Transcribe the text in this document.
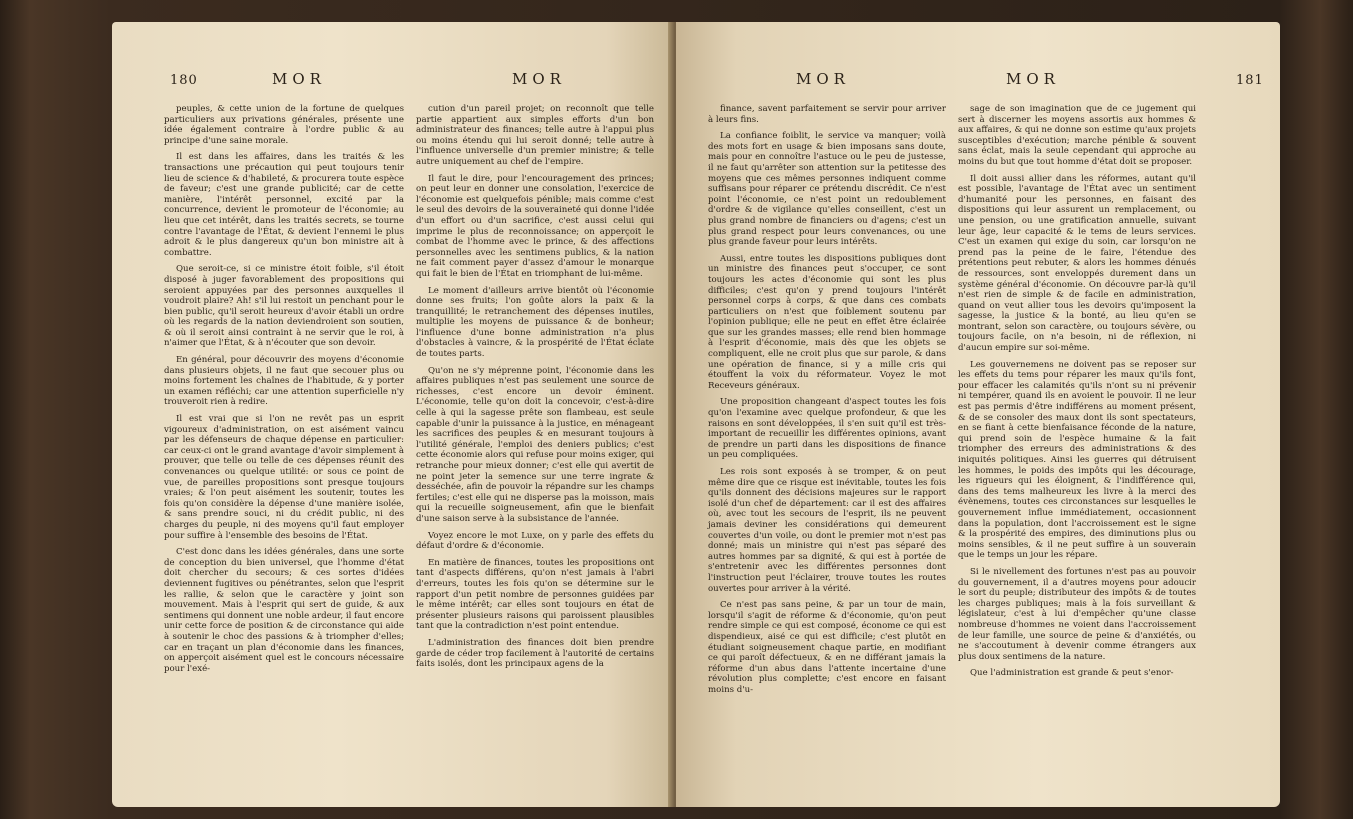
180	MOR	MOR

peuples, & cette union de la fortune de quelques particuliers aux privations générales, présente une idée également contraire à l'ordre public & au principe d'une saine morale.

Il est dans les affaires, dans les traités & les transactions une précaution qui peut toujours tenir lieu de science & d'habileté, & procurera toute espèce de faveur; c'est une grande publicité; car de cette manière, l'intérêt personnel, excité par la concurrence, devient le promoteur de l'économie; au lieu que cet intérêt, dans les traités secrets, se tourne contre l'avantage de l'État, & devient l'ennemi le plus adroit & le plus dangereux qu'un bon ministre ait à combattre.

Que seroit-ce, si ce ministre étoit foible, s'il étoit disposé à juger favorablement des propositions qui seroient appuyées par des personnes auxquelles il voudroit plaire? Ah! s'il lui restoit un penchant pour le bien public, qu'il seroit heureux d'avoir établi un ordre où les regards de la nation deviendroient son soutien, & où il seroit ainsi contraint à ne servir que le roi, à n'aimer que l'État, & à n'écouter que son devoir.

En général, pour découvrir des moyens d'économie dans plusieurs objets, il ne faut que secouer plus ou moins fortement les chaînes de l'habitude, & y porter un examen réfléchi; car une attention superficielle n'y trouveroit rien à redire.

Il est vrai que si l'on ne revêt pas un esprit vigoureux d'administration, on est aisément vaincu par les défenseurs de chaque dépense en particulier: car ceux-ci ont le grand avantage d'avoir simplement à prouver, que telle ou telle de ces dépenses réunit des convenances ou quelque utilité: or sous ce point de vue, de pareilles propositions sont presque toujours vraies; & l'on peut aisément les soutenir, toutes les fois qu'on considère la dépense d'une manière isolée, & sans prendre souci, ni du crédit public, ni des charges du peuple, ni des moyens qu'il faut employer pour suffire à l'ensemble des besoins de l'État.

C'est donc dans les idées générales, dans une sorte de conception du bien universel, que l'homme d'état doit chercher du secours; & ces sortes d'idées deviennent fugitives ou pénétrantes, selon que l'esprit les rallie, & selon que le caractère y joint son mouvement. Mais à l'esprit qui sert de guide, & aux sentimens qui donnent une noble ardeur, il faut encore unir cette force de position & de circonstance qui aide à soutenir le choc des passions & à triompher d'elles; car en traçant un plan d'économie dans les finances, on apperçoit aisément quel est le concours nécessaire pour l'exé-

cution d'un pareil projet; on reconnoît que telle partie appartient aux simples efforts d'un bon administrateur des finances; telle autre à l'appui plus ou moins étendu qui lui seroit donné; telle autre à l'influence universelle d'un premier ministre; & telle autre uniquement au chef de l'empire.

Il faut le dire, pour l'encouragement des princes; on peut leur en donner une consolation, l'exercice de l'économie est quelquefois pénible; mais comme c'est le seul des devoirs de la souveraineté qui donne l'idée d'un effort ou d'un sacrifice, c'est aussi celui qui imprime le plus de reconnoissance; on apperçoit le combat de l'homme avec le prince, & des affections personnelles avec les sentimens publics, & la nation ne fait comment payer d'assez d'amour le monarque qui fait le bien de l'État en triomphant de lui-même.

Le moment d'ailleurs arrive bientôt où l'économie donne ses fruits; l'on goûte alors la paix & la tranquillité; le retranchement des dépenses inutiles, multiplie les moyens de puissance & de bonheur; l'influence d'une bonne administration n'a plus d'obstacles à vaincre, & la prospérité de l'État éclate de toutes parts.

Qu'on ne s'y méprenne point, l'économie dans les affaires publiques n'est pas seulement une source de richesses, c'est encore un devoir éminent. L'économie, telle qu'on doit la concevoir, c'est-à-dire celle à qui la sagesse prête son flambeau, est seule capable d'unir la puissance à la justice, en ménageant les sacrifices des peuples & en mesurant toujours à l'utilité générale, l'emploi des deniers publics; c'est cette économie alors qui refuse pour moins exiger, qui retranche pour mieux donner; c'est elle qui avertit de ne point jeter la semence sur une terre ingrate & desséchée, afin de pouvoir la répandre sur les champs fertiles; c'est elle qui ne disperse pas la moisson, mais qui la recueille soigneusement, afin que le bienfait d'une saison serve à la subsistance de l'année.

Voyez encore le mot Luxe, on y parle des effets du défaut d'ordre & d'économie.

En matière de finances, toutes les propositions ont tant d'aspects différens, qu'on n'est jamais à l'abri d'erreurs, toutes les fois qu'on se détermine sur le rapport d'un petit nombre de personnes guidées par le même intérêt; car elles sont toujours en état de présenter plusieurs raisons qui paroissent plausibles tant que la contradiction n'est point entendue.

L'administration des finances doit bien prendre garde de céder trop facilement à l'autorité de certains faits isolés, dont les principaux agens de la

MOR	MOR	181

finance, savent parfaitement se servir pour arriver à leurs fins.

La confiance foiblit, le service va manquer; voilà des mots fort en usage & bien imposans sans doute, mais pour en connoître l'astuce ou le peu de justesse, il ne faut qu'arrêter son attention sur la petitesse des moyens que ces mêmes personnes indiquent comme suffisans pour réparer ce prétendu discrédit. Ce n'est point l'économie, ce n'est point un redoublement d'ordre & de vigilance qu'elles conseillent, c'est un plus grand nombre de financiers ou d'agens; c'est un plus grand respect pour leurs convenances, ou une plus grande faveur pour leurs intérêts.

Aussi, entre toutes les dispositions publiques dont un ministre des finances peut s'occuper, ce sont toujours les actes d'économie qui sont les plus difficiles; c'est qu'on y prend toujours l'intérêt personnel corps à corps, & que dans ces combats particuliers on n'est que foiblement soutenu par l'opinion publique; elle ne peut en effet être éclairée que sur les grandes masses; elle rend bien hommage à l'esprit d'économie, mais dès que les objets se compliquent, elle ne croit plus que sur parole, & dans une opération de finance, si y a mille cris qui étouffent la voix du réformateur. Voyez le mot Receveurs généraux.

Une proposition changeant d'aspect toutes les fois qu'on l'examine avec quelque profondeur, & que les raisons en sont développées, il s'en suit qu'il est très-important de recueillir les différentes opinions, avant de prendre un parti dans les dispositions de finance un peu compliquées.

Les rois sont exposés à se tromper, & on peut même dire que ce risque est inévitable, toutes les fois qu'ils donnent des décisions majeures sur le rapport isolé d'un chef de département: car il est des affaires où, avec tout les secours de l'esprit, ils ne peuvent jamais deviner les considérations qui demeurent couvertes d'un voile, ou dont le premier mot n'est pas donné; mais un ministre qui n'est pas séparé des autres hommes par sa dignité, & qui est à portée de s'entretenir avec les différentes personnes dont l'instruction peut l'éclairer, trouve toutes les routes ouvertes pour arriver à la vérité.

Ce n'est pas sans peine, & par un tour de main, lorsqu'il s'agit de réforme & d'économie, qu'on peut rendre simple ce qui est composé, économe ce qui est dispendieux, aisé ce qui est difficile; c'est plutôt en étudiant soigneusement chaque partie, en modifiant ce qui paroît défectueux, & en ne différant jamais la réforme d'un abus dans l'attente incertaine d'une révolution plus complette; c'est encore en faisant moins d'u-

sage de son imagination que de ce jugement qui sert à discerner les moyens assortis aux hommes & aux affaires, & qui ne donne son estime qu'aux projets susceptibles d'exécution; marche pénible & souvent sans éclat, mais la seule cependant qui approche au moins du but que tout homme d'état doit se proposer.

Il doit aussi allier dans les réformes, autant qu'il est possible, l'avantage de l'État avec un sentiment d'humanité pour les personnes, en faisant des dispositions qui leur assurent un remplacement, ou une pension, ou une gratification annuelle, suivant leur âge, leur capacité & le tems de leurs services. C'est un examen qui exige du soin, car lorsqu'on ne prend pas la peine de le faire, l'étendue des prétentions peut rebuter, & alors les hommes dénués de ressources, sont enveloppés durement dans un système général d'économie. On découvre par-là qu'il n'est rien de simple & de facile en administration, quand on veut allier tous les devoirs qu'imposent la sagesse, la justice & la bonté, au lieu qu'en se montrant, selon son caractère, ou toujours sévère, ou toujours facile, on n'a besoin, ni de réflexion, ni d'aucun empire sur soi-même.

Les gouvernemens ne doivent pas se reposer sur les effets du tems pour réparer les maux qu'ils font, pour effacer les calamités qu'ils n'ont su ni prévenir ni tempérer, quand ils en avoient le pouvoir. Il ne leur est pas permis d'être indifférens au moment présent, & de se consoler des maux dont ils sont spectateurs, en se fiant à cette bienfaisance féconde de la nature, qui prend soin de l'espèce humaine & la fait triompher des erreurs des administrations & des iniquités politiques. Ainsi les guerres qui détruisent les hommes, le poids des impôts qui les décourage, les rigueurs qui les éloignent, & l'indifférence qui, dans des tems malheureux les livre à la merci des évènemens, toutes ces circonstances sur lesquelles le gouvernement influe immédiatement, occasionnent dans la population, dont l'accroissement est le signe & la prospérité des empires, des diminutions plus ou moins sensibles, & il ne peut suffire à un souverain que le temps un jour les répare.

Si le nivellement des fortunes n'est pas au pouvoir du gouvernement, il a d'autres moyens pour adoucir le sort du peuple; distributeur des impôts & de toutes les charges publiques; mais à la fois surveillant & législateur, c'est à lui d'empêcher qu'une classe nombreuse d'hommes ne voient dans l'accroissement de leur famille, une source de peine & d'anxiétés, ou ne s'accoutument à devenir comme étrangers aux plus doux sentimens de la nature.

Que l'administration est grande & peut s'enor-
